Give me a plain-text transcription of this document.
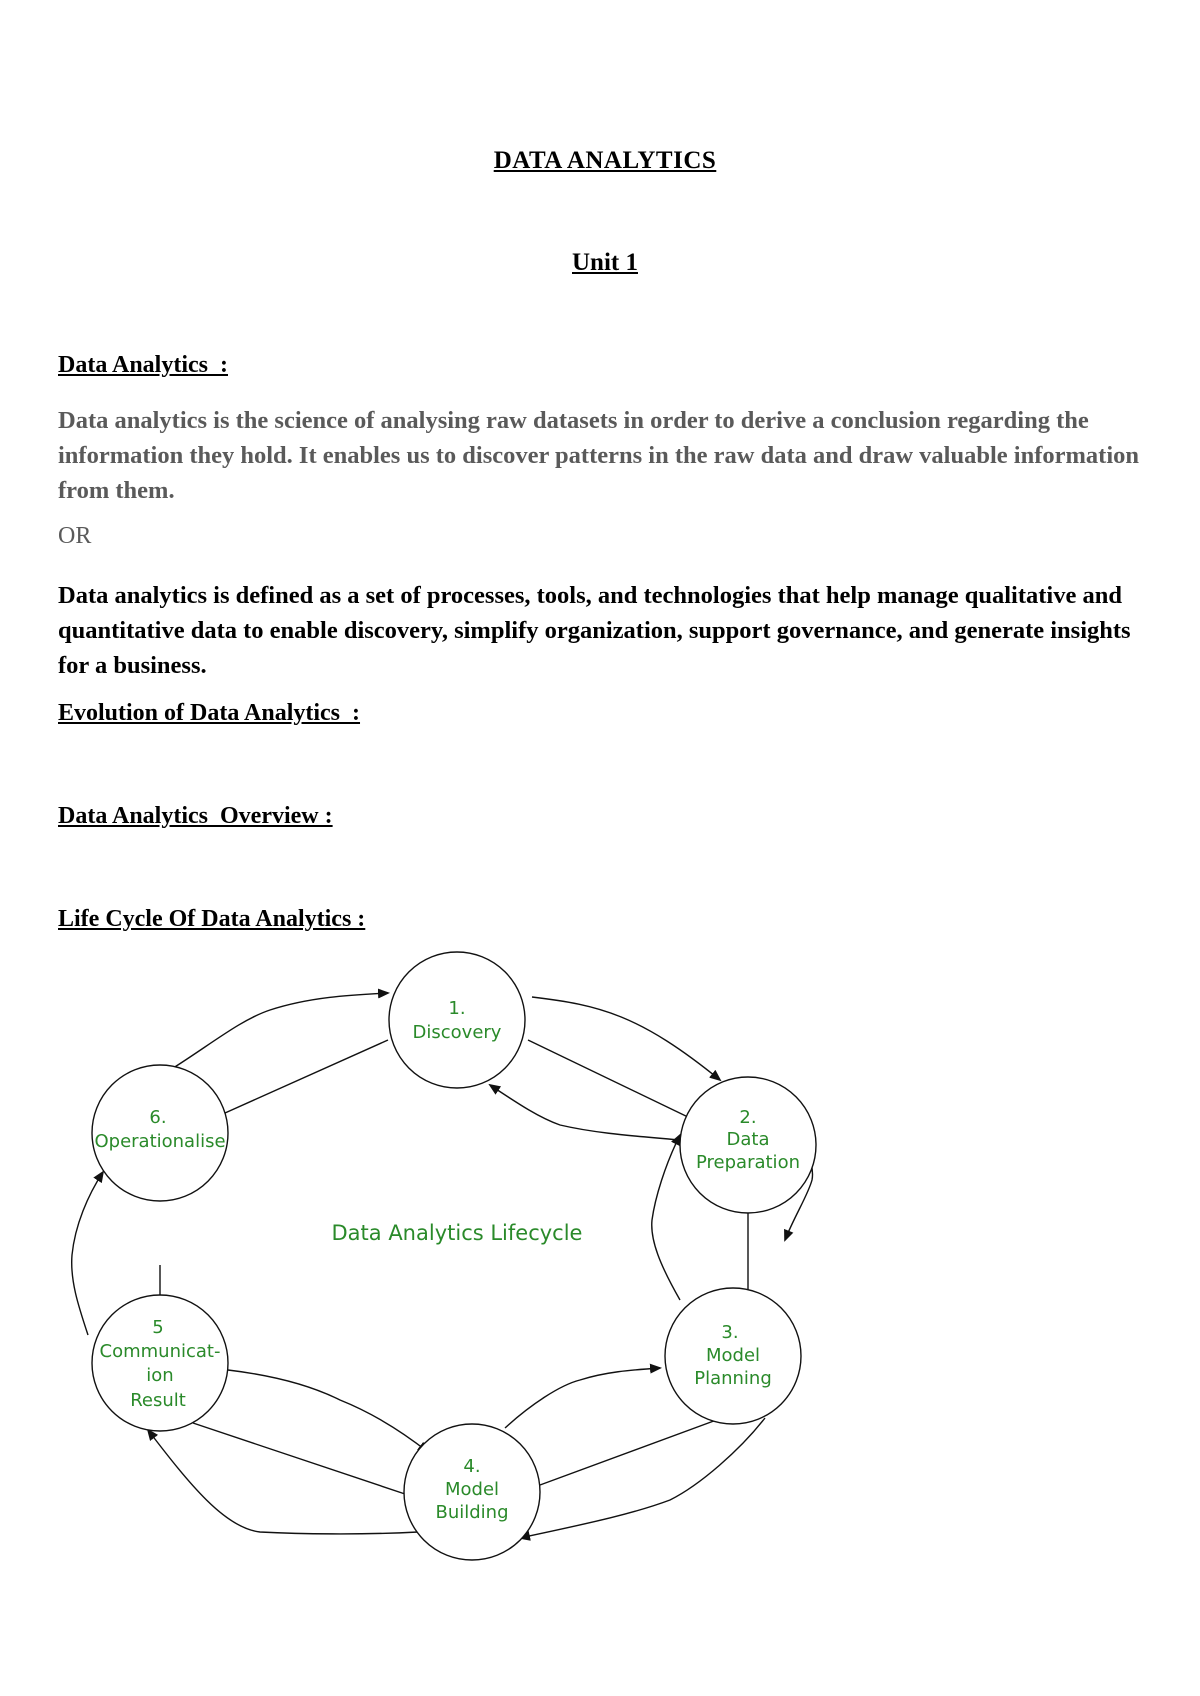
DATA ANALYTICS
Unit 1
Data Analytics  :
Data analytics is the science of analysing raw datasets in order to derive a conclusion regarding the information they hold. It enables us to discover patterns in the raw data and draw valuable information from them.
OR
Data analytics is defined as a set of processes, tools, and technologies that help manage qualitative and quantitative data to enable discovery, simplify organization, support governance, and generate insights for a business.
Evolution of Data Analytics  :
Data Analytics  Overview :
Life Cycle Of Data Analytics :
1.
Discovery
2.
Data
Preparation
3.
Model
Planning
4.
Model
Building
5
Communicat-
ion
Result
6.
Operationalise
Data Analytics Lifecycle
